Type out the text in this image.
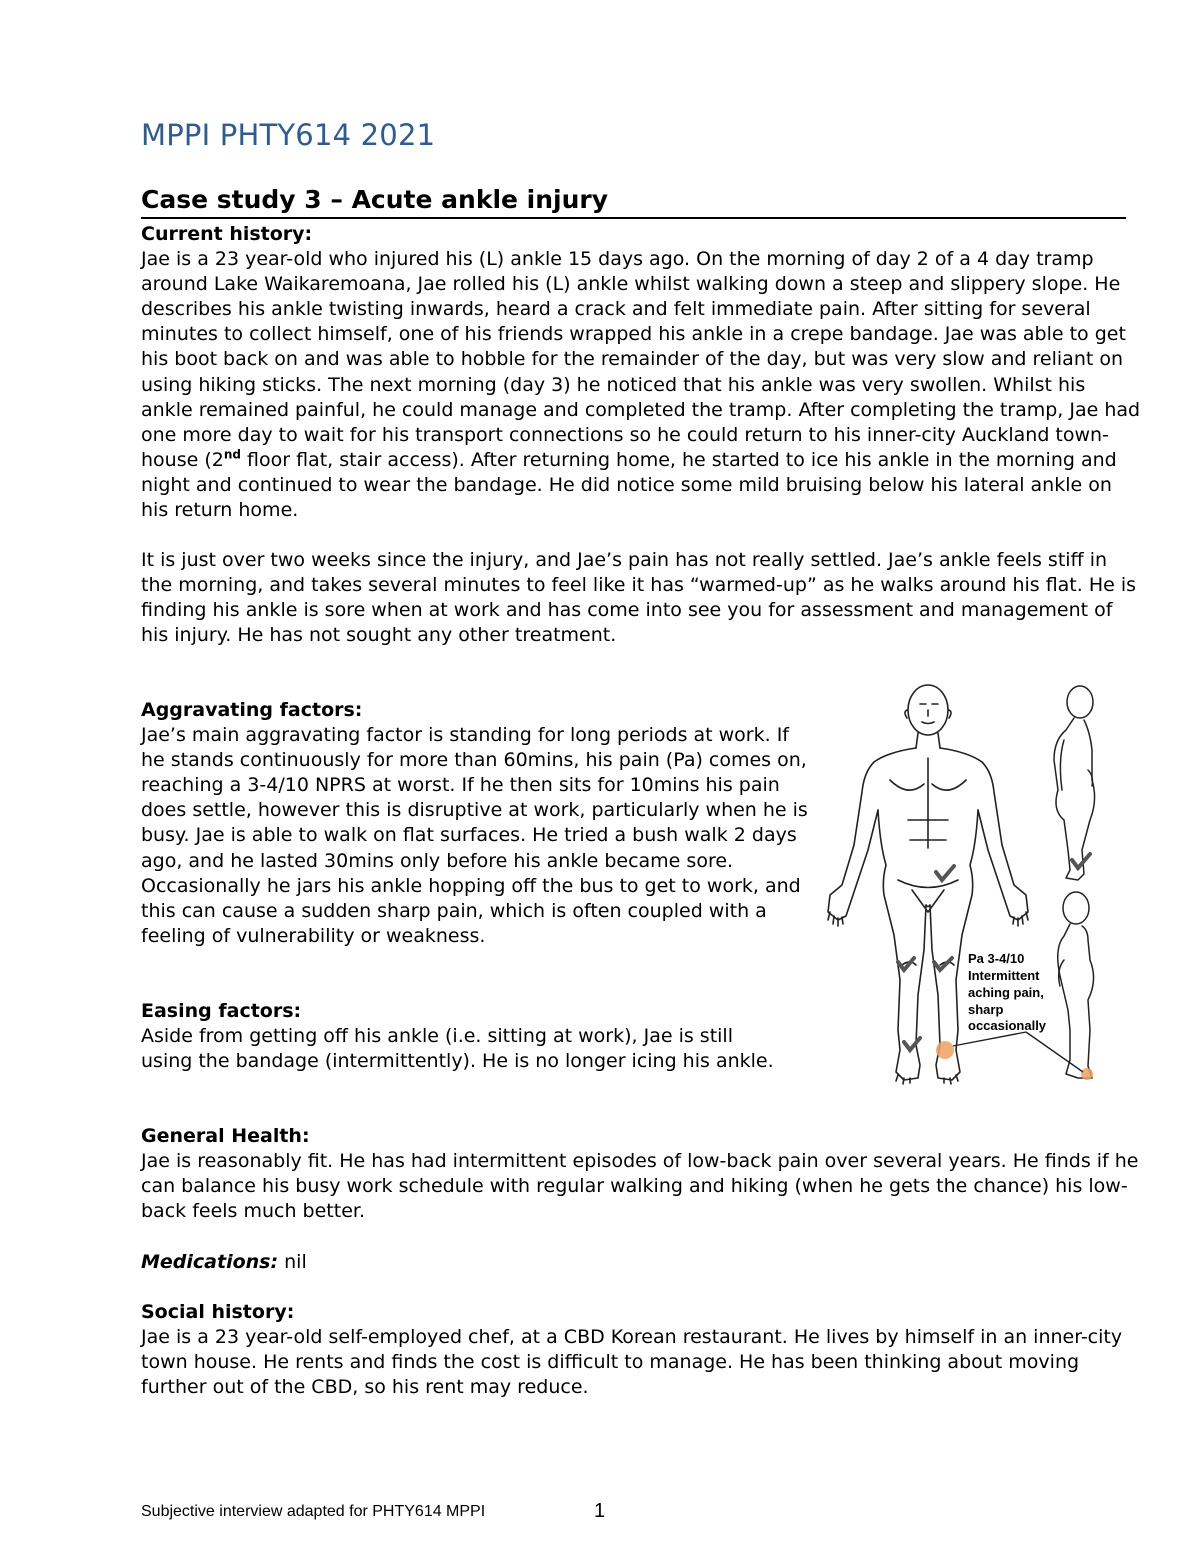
MPPI PHTY614 2021
Case study 3 – Acute ankle injury

Current history:

Jae is a 23 year-old who injured his (L) ankle 15 days ago. On the morning of day 2 of a 4 day tramp around Lake Waikaremoana, Jae rolled his (L) ankle whilst walking down a steep and slippery slope. He describes his ankle twisting inwards, heard a crack and felt immediate pain. After sitting for several minutes to collect himself, one of his friends wrapped his ankle in a crepe bandage. Jae was able to get his boot back on and was able to hobble for the remainder of the day, but was very slow and reliant on using hiking sticks. The next morning (day 3) he noticed that his ankle was very swollen. Whilst his ankle remained painful, he could manage and completed the tramp. After completing the tramp, Jae had one more day to wait for his transport connections so he could return to his inner-city Auckland town-house (2nd floor flat, stair access). After returning home, he started to ice his ankle in the morning and night and continued to wear the bandage. He did notice some mild bruising below his lateral ankle on his return home.

It is just over two weeks since the injury, and Jae’s pain has not really settled. Jae’s ankle feels stiff in the morning, and takes several minutes to feel like it has “warmed-up” as he walks around his flat. He is finding his ankle is sore when at work and has come into see you for assessment and management of his injury. He has not sought any other treatment.

Aggravating factors:

Jae’s main aggravating factor is standing for long periods at work. If he stands continuously for more than 60mins, his pain (Pa) comes on, reaching a 3-4/10 NPRS at worst. If he then sits for 10mins his pain does settle, however this is disruptive at work, particularly when he is busy. Jae is able to walk on flat surfaces. He tried a bush walk 2 days ago, and he lasted 30mins only before his ankle became sore. Occasionally he jars his ankle hopping off the bus to get to work, and this can cause a sudden sharp pain, which is often coupled with a feeling of vulnerability or weakness.

Easing factors:

Aside from getting off his ankle (i.e. sitting at work), Jae is still using the bandage (intermittently). He is no longer icing his ankle.

General Health:

Jae is reasonably fit. He has had intermittent episodes of low-back pain over several years. He finds if he can balance his busy work schedule with regular walking and hiking (when he gets the chance) his low-back feels much better.

Medications: nil

Social history:

Jae is a 23 year-old self-employed chef, at a CBD Korean restaurant. He lives by himself in an inner-city town house. He rents and finds the cost is difficult to manage. He has been thinking about moving further out of the CBD, so his rent may reduce.

Pa 3-4/10
Intermittent
aching pain,
sharp
occasionally
Subjective interview adapted for PHTY614 MPPI	1
